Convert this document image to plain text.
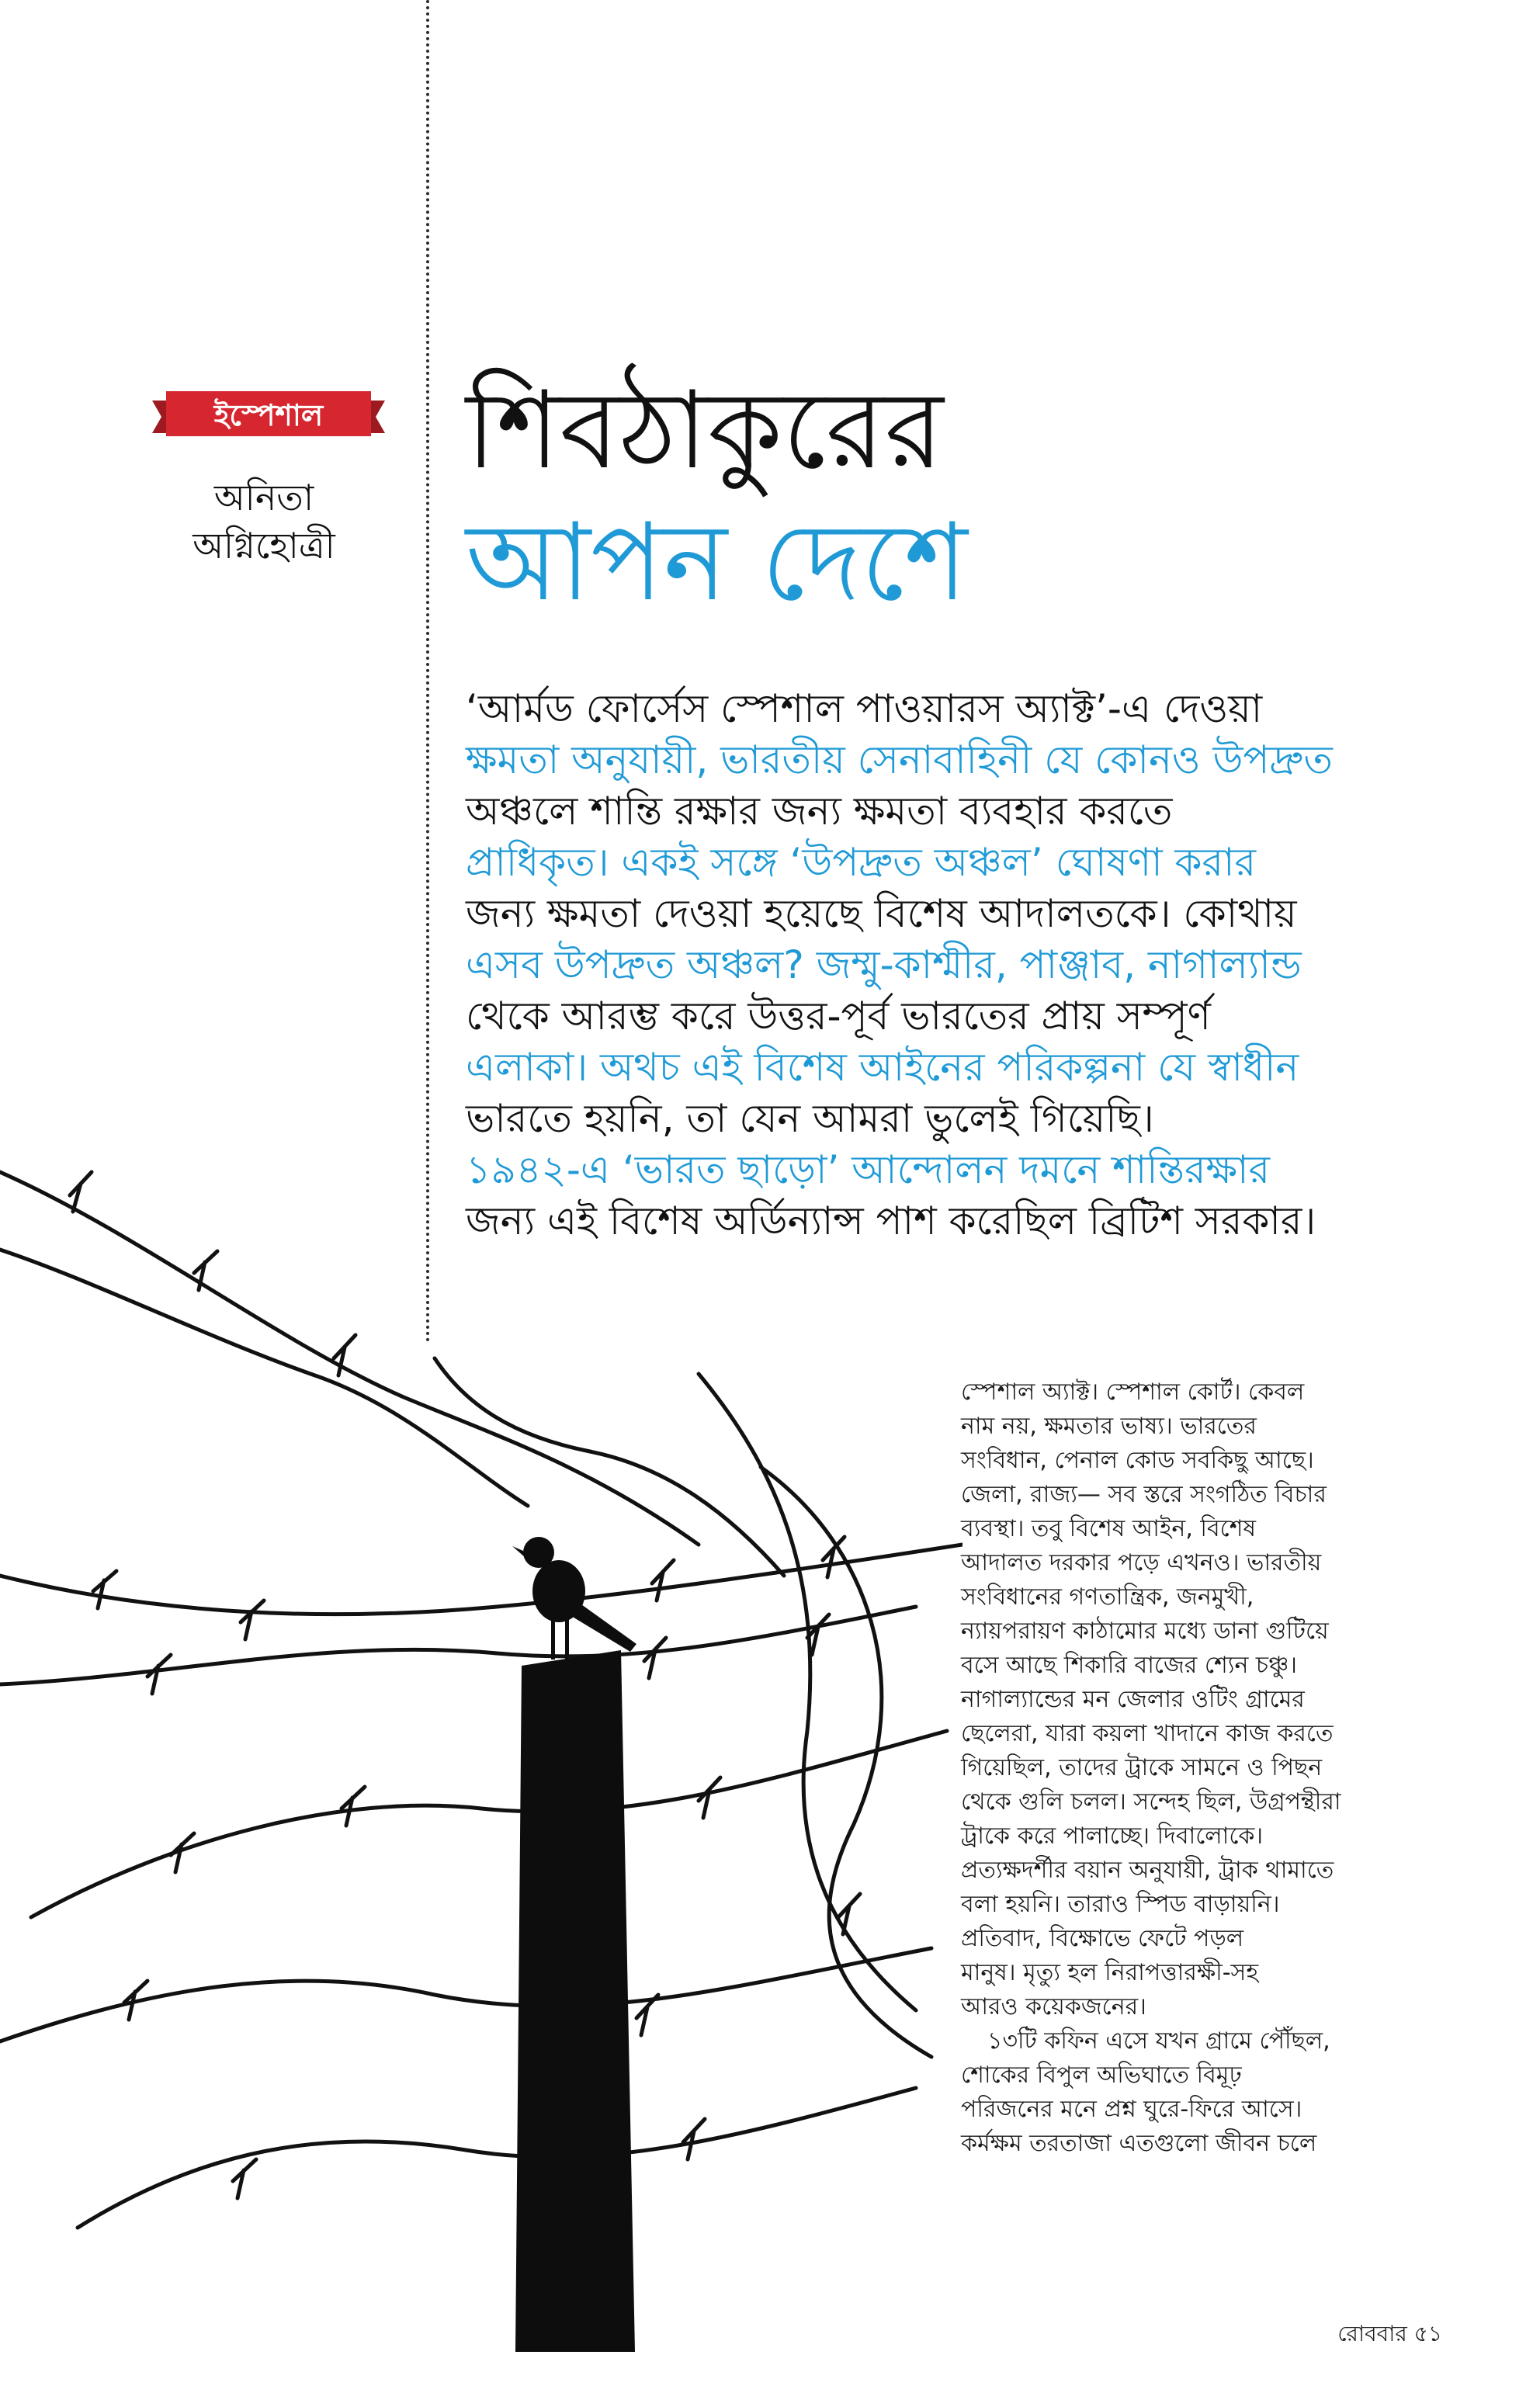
ইস্পেশাল
অনিতা
অগ্নিহোত্রী
শিবঠাকুরের
আপন দেশে
‘আর্মড ফোর্সেস স্পেশাল পাওয়ারস অ্যাক্ট’-এ দেওয়া
ক্ষমতা অনুযায়ী, ভারতীয় সেনাবাহিনী যে কোনও উপদ্রুত
অঞ্চলে শান্তি রক্ষার জন্য ক্ষমতা ব্যবহার করতে
প্রাধিকৃত। একই সঙ্গে ‘উপদ্রুত অঞ্চল’ ঘোষণা করার
জন্য ক্ষমতা দেওয়া হয়েছে বিশেষ আদালতকে। কোথায়
এসব উপদ্রুত অঞ্চল? জম্মু-কাশ্মীর, পাঞ্জাব, নাগাল্যান্ড
থেকে আরম্ভ করে উত্তর-পূর্ব ভারতের প্রায় সম্পূর্ণ
এলাকা। অথচ এই বিশেষ আইনের পরিকল্পনা যে স্বাধীন
ভারতে হয়নি, তা যেন আমরা ভুলেই গিয়েছি।
১৯৪২-এ ‘ভারত ছাড়ো’ আন্দোলন দমনে শান্তিরক্ষার
জন্য এই বিশেষ অর্ডিন্যান্স পাশ করেছিল ব্রিটিশ সরকার।
স্পেশাল অ্যাক্ট। স্পেশাল কোর্ট। কেবল
নাম নয়, ক্ষমতার ভাষ্য। ভারতের
সংবিধান, পেনাল কোড সবকিছু আছে।
জেলা, রাজ্য— সব স্তরে সংগঠিত বিচার
ব্যবস্থা। তবু বিশেষ আইন, বিশেষ
আদালত দরকার পড়ে এখনও। ভারতীয়
সংবিধানের গণতান্ত্রিক, জনমুখী,
ন্যায়পরায়ণ কাঠামোর মধ্যে ডানা গুটিয়ে
বসে আছে শিকারি বাজের শ্যেন চঞ্চু।
নাগাল্যান্ডের মন জেলার ওটিং গ্রামের
ছেলেরা, যারা কয়লা খাদানে কাজ করতে
গিয়েছিল, তাদের ট্রাকে সামনে ও পিছন
থেকে গুলি চলল। সন্দেহ ছিল, উগ্রপন্থীরা
ট্রাকে করে পালাচ্ছে। দিবালোকে।
প্রত্যক্ষদর্শীর বয়ান অনুযায়ী, ট্রাক থামাতে
বলা হয়নি। তারাও স্পিড বাড়ায়নি।
প্রতিবাদ, বিক্ষোভে ফেটে পড়ল
মানুষ। মৃত্যু হল নিরাপত্তারক্ষী-সহ
আরও কয়েকজনের।
১৩টি কফিন এসে যখন গ্রামে পৌঁছল,
শোকের বিপুল অভিঘাতে বিমূঢ়
পরিজনের মনে প্রশ্ন ঘুরে-ফিরে আসে।
কর্মক্ষম তরতাজা এতগুলো জীবন চলে
রোববার ৫১
